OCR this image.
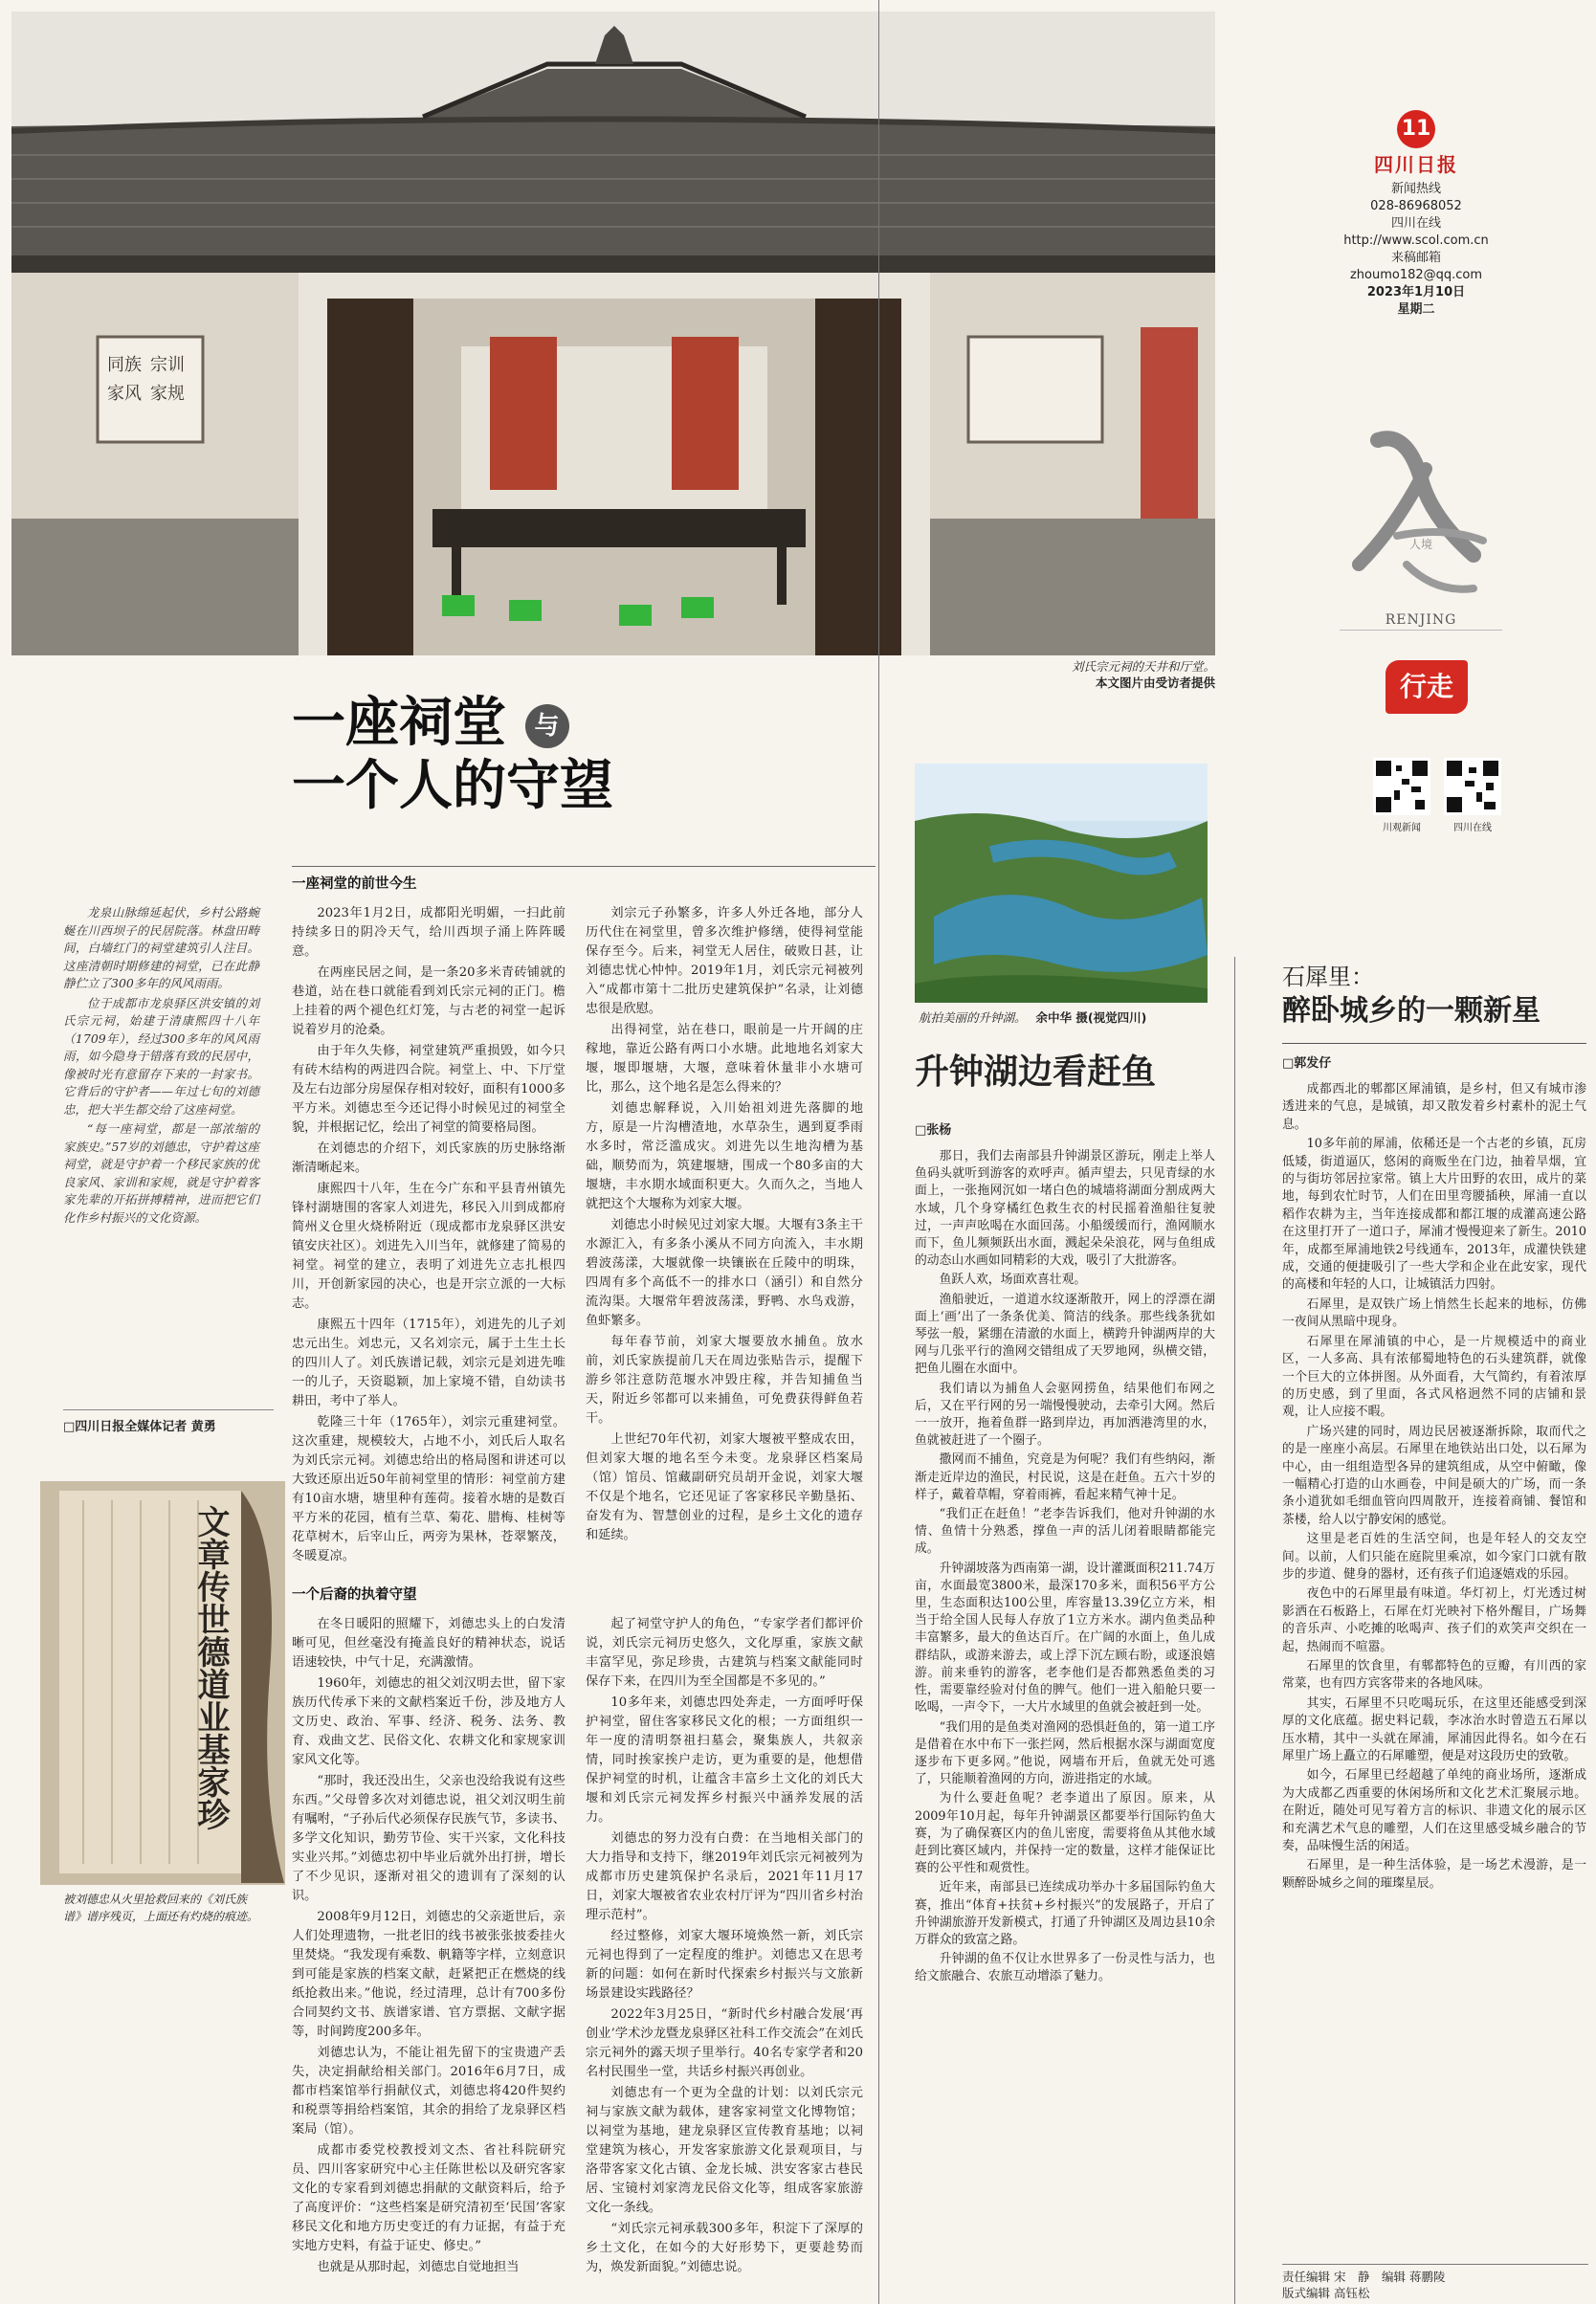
同族 宗训
家风 家规
刘氏宗元祠的天井和厅堂。
本文图片由受访者提供
11
四川日报
新闻热线
028-86968052
四川在线
http://www.scol.com.cn
来稿邮箱
zhoumo182@qq.com
2023年1月10日
星期二
人境
RENJING
行走
川观新闻	四川在线
一座祠堂 与
一个人的守望

龙泉山脉绵延起伏，乡村公路蜿蜒在川西坝子的民居院落。林盘田畴间，白墙红门的祠堂建筑引人注目。这座清朝时期修建的祠堂，已在此静静伫立了300多年的风风雨雨。

位于成都市龙泉驿区洪安镇的刘氏宗元祠，始建于清康熙四十八年（1709年），经过300多年的风风雨雨，如今隐身于错落有致的民居中，像被时光有意留存下来的一封家书。它背后的守护者——年过七旬的刘德忠，把大半生都交给了这座祠堂。

“每一座祠堂，都是一部浓缩的家族史。”57岁的刘德忠，守护着这座祠堂，就是守护着一个移民家族的优良家风、家训和家规，就是守护着客家先辈的开拓拼搏精神，进而把它们化作乡村振兴的文化资源。

□四川日报全媒体记者 黄勇
文章传世德道业基家珍
被刘德忠从火里抢救回来的《刘氏族谱》谱序残页，上面还有灼烧的痕迹。
一座祠堂的前世今生

2023年1月2日，成都阳光明媚，一扫此前持续多日的阴冷天气，给川西坝子涌上阵阵暖意。

在两座民居之间，是一条20多米青砖铺就的巷道，站在巷口就能看到刘氏宗元祠的正门。檐上挂着的两个褪色红灯笼，与古老的祠堂一起诉说着岁月的沧桑。

由于年久失修，祠堂建筑严重损毁，如今只有砖木结构的两进四合院。祠堂上、中、下厅堂及左右边部分房屋保存相对较好，面积有1000多平方米。刘德忠至今还记得小时候见过的祠堂全貌，并根据记忆，绘出了祠堂的简要格局图。

在刘德忠的介绍下，刘氏家族的历史脉络渐渐清晰起来。

康熙四十八年，生在今广东和平县青州镇先锋村湖塘围的客家人刘进先，移民入川到成都府简州义仓里火烧桥附近（现成都市龙泉驿区洪安镇安庆社区）。刘进先入川当年，就修建了简易的祠堂。祠堂的建立，表明了刘进先立志扎根四川，开创新家园的决心，也是开宗立派的一大标志。

康熙五十四年（1715年），刘进先的儿子刘忠元出生。刘忠元，又名刘宗元，属于土生土长的四川人了。刘氏族谱记载，刘宗元是刘进先唯一的儿子，天资聪颖，加上家境不错，自幼读书耕田，考中了举人。

乾隆三十年（1765年），刘宗元重建祠堂。这次重建，规模较大，占地不小，刘氏后人取名为刘氏宗元祠。刘德忠给出的格局图和讲述可以大致还原出近50年前祠堂里的情形：祠堂前方建有10亩水塘，塘里种有莲荷。接着水塘的是数百平方米的花园，植有兰草、菊花、腊梅、桂树等花草树木，后宰山丘，两旁为果林，苍翠繁茂，冬暖夏凉。

刘宗元子孙繁多，许多人外迁各地，部分人历代住在祠堂里，曾多次维护修缮，使得祠堂能保存至今。后来，祠堂无人居住，破败日甚，让刘德忠忧心忡忡。2019年1月，刘氏宗元祠被列入“成都市第十二批历史建筑保护”名录，让刘德忠很是欣慰。

出得祠堂，站在巷口，眼前是一片开阔的庄稼地，靠近公路有两口小水塘。此地地名刘家大堰，堰即堰塘，大堰，意味着休量非小水塘可比，那么，这个地名是怎么得来的？

刘德忠解释说，入川始祖刘进先落脚的地方，原是一片沟槽渣地，水草杂生，遇到夏季雨水多时，常泛滥成灾。刘进先以生地沟槽为基础，顺势而为，筑建堰塘，围成一个80多亩的大堰塘，丰水期水域面积更大。久而久之，当地人就把这个大堰称为刘家大堰。

刘德忠小时候见过刘家大堰。大堰有3条主干水源汇入，有多条小溪从不同方向流入，丰水期碧波荡漾，大堰就像一块镶嵌在丘陵中的明珠，四周有多个高低不一的排水口（涵引）和自然分流沟渠。大堰常年碧波荡漾，野鸭、水鸟戏游，鱼虾繁多。

每年春节前，刘家大堰要放水捕鱼。放水前，刘氏家族提前几天在周边张贴告示，提醒下游乡邻注意防范堰水冲毁庄稼，并告知捕鱼当天，附近乡邻都可以来捕鱼，可免费获得鲜鱼若干。

上世纪70年代初，刘家大堰被平整成农田，但刘家大堰的地名至今未变。龙泉驿区档案局（馆）馆员、馆藏副研究员胡开金说，刘家大堰不仅是个地名，它还见证了客家移民辛勤垦拓、奋发有为、智慧创业的过程，是乡土文化的遗存和延续。

一个后裔的执着守望

在冬日暖阳的照耀下，刘德忠头上的白发清晰可见，但丝毫没有掩盖良好的精神状态，说话语速较快，中气十足，充满激情。

1960年，刘德忠的祖父刘汉明去世，留下家族历代传承下来的文献档案近千份，涉及地方人文历史、政治、军事、经济、税务、法务、教育、戏曲文艺、民俗文化、农耕文化和家规家训家风文化等。

“那时，我还没出生，父亲也没给我说有这些东西。”父母曾多次对刘德忠说，祖父刘汉明生前有嘱咐，“子孙后代必须保存民族气节，多读书、多学文化知识，勤劳节俭、实干兴家，文化科技实业兴邦。”刘德忠初中毕业后就外出打拼，增长了不少见识，逐渐对祖父的遗训有了深刻的认识。

2008年9月12日，刘德忠的父亲逝世后，亲人们处理遗物，一批老旧的线书被张张披委挂火里焚烧。“我发现有乘数、軓籍等字样，立刻意识到可能是家族的档案文献，赶紧把正在燃烧的线纸抢救出来。”他说，经过清理，总计有700多份合同契约文书、族谱家谱、官方票据、文献字据等，时间跨度200多年。

刘德忠认为，不能让祖先留下的宝贵遗产丢失，决定捐献给相关部门。2016年6月7日，成都市档案馆举行捐献仪式，刘德忠将420件契约和税票等捐给档案馆，其余的捐给了龙泉驿区档案局（馆）。

成都市委党校教授刘文杰、省社科院研究员、四川客家研究中心主任陈世松以及研究客家文化的专家看到刘德忠捐献的文献资料后，给予了高度评价：“这些档案是研究清初至‘民国’客家移民文化和地方历史变迁的有力证据，有益于充实地方史料，有益于证史、修史。”

也就是从那时起，刘德忠自觉地担当

起了祠堂守护人的角色，“专家学者们都评价说，刘氏宗元祠历史悠久，文化厚重，家族文献丰富罕见，弥足珍贵，古建筑与档案文献能同时保存下来，在四川为至全国都是不多见的。”

10多年来，刘德忠四处奔走，一方面呼吁保护祠堂，留住客家移民文化的根；一方面组织一年一度的清明祭祖扫墓会，聚集族人，共叙亲情，同时挨家挨户走访，更为重要的是，他想借保护祠堂的时机，让蕴含丰富乡土文化的刘氏大堰和刘氏宗元祠发挥乡村振兴中涵养发展的活力。

刘德忠的努力没有白费：在当地相关部门的大力指导和支持下，继2019年刘氏宗元祠被列为成都市历史建筑保护名录后，2021年11月17日，刘家大堰被省农业农村厅评为“四川省乡村治理示范村”。

经过整修，刘家大堰环境焕然一新，刘氏宗元祠也得到了一定程度的维护。刘德忠又在思考新的问题：如何在新时代探索乡村振兴与文旅新场景建设实践路径？

2022年3月25日，“新时代乡村融合发展‘再创业’学术沙龙暨龙泉驿区社科工作交流会”在刘氏宗元祠外的露天坝子里举行。40名专家学者和20名村民围坐一堂，共话乡村振兴再创业。

刘德忠有一个更为全盘的计划：以刘氏宗元祠与家族文献为载体，建客家祠堂文化博物馆；以祠堂为基地，建龙泉驿区宣传教育基地；以祠堂建筑为核心，开发客家旅游文化景观项目，与洛带客家文化古镇、金龙长城、洪安客家古巷民居、宝镜村刘家湾龙民俗文化等，组成客家旅游文化一条线。

“刘氏宗元祠承载300多年，积淀下了深厚的乡土文化，在如今的大好形势下，更要趁势而为，焕发新面貌。”刘德忠说。

航拍美丽的升钟湖。 余中华 摄(视觉四川)
升钟湖边看赶鱼
□张杨

那日，我们去南部县升钟湖景区游玩，刚走上举人鱼码头就听到游客的欢呼声。循声望去，只见青绿的水面上，一张拖网沉如一堵白色的城墙将湖面分割成两大水域，几个身穿橘红色救生衣的村民摇着渔船往复驶过，一声声吆喝在水面回荡。小船缓缓而行，渔网顺水而下，鱼儿频频跃出水面，溅起朵朵浪花，网与鱼组成的动态山水画如同精彩的大戏，吸引了大批游客。

鱼跃人欢，场面欢喜壮观。

渔船驶近，一道道水纹逐渐散开，网上的浮漂在湖面上‘画’出了一条条优美、简洁的线条。那些线条犹如琴弦一般，紧绷在清澈的水面上，横跨升钟湖两岸的大网与几张平行的渔网交错组成了天罗地网，纵横交错，把鱼儿圈在水面中。

我们请以为捕鱼人会驱网捞鱼，结果他们布网之后，又在平行网的另一端慢慢驶动，去牵引大网。然后一一放开，拖着鱼群一路到岸边，再加洒港湾里的水，鱼就被赶进了一个圈子。

撒网而不捕鱼，究竟是为何呢？我们有些纳闷，渐渐走近岸边的渔民，村民说，这是在赶鱼。五六十岁的样子，戴着草帽，穿着雨裤，看起来精气神十足。

“我们正在赶鱼！”老李告诉我们，他对升钟湖的水情、鱼情十分熟悉，撑鱼一声的活儿闭着眼睛都能完成。

升钟湖坡落为西南第一湖，设计灌溉面积211.74万亩，水面最宽3800米，最深170多米，面积56平方公里，生态面积达100公里，库容量13.39亿立方米，相当于给全国人民每人存放了1立方米水。湖内鱼类品种丰富繁多，最大的鱼达百斤。在广阔的水面上，鱼儿成群结队，或游来游去，或上浮下沉左顾右盼，或逐浪嬉游。前来垂钓的游客，老李他们是否都熟悉鱼类的习性，需要靠经验对付鱼的脾气。他们一进入船舱只要一吆喝，一声令下，一大片水域里的鱼就会被赶到一处。

“我们用的是鱼类对渔网的恐惧赶鱼的，第一道工序是借着在水中布下一张拦网，然后根据水深与湖面宽度逐步布下更多网。”他说，网墙布开后，鱼就无处可逃了，只能顺着渔网的方向，游进指定的水域。

为什么要赶鱼呢？老李道出了原因。原来，从2009年10月起，每年升钟湖景区都要举行国际钓鱼大赛，为了确保赛区内的鱼儿密度，需要将鱼从其他水域赶到比赛区域内，并保持一定的数量，这样才能保证比赛的公平性和观赏性。

近年来，南部县已连续成功举办十多届国际钓鱼大赛，推出“体育+扶贫+乡村振兴”的发展路子，开启了升钟湖旅游开发新模式，打通了升钟湖区及周边县10余万群众的致富之路。

升钟湖的鱼不仅让水世界多了一份灵性与活力，也给文旅融合、农旅互动增添了魅力。

石犀里：
醉卧城乡的一颗新星
□郭发仔

成都西北的郫都区犀浦镇，是乡村，但又有城市渗透进来的气息，是城镇，却又散发着乡村素朴的泥土气息。

10多年前的犀浦，依稀还是一个古老的乡镇，瓦房低矮，街道逼仄，悠闲的商贩坐在门边，抽着旱烟，宜的与街坊邻居拉家常。镇上大片田野的农田，成片的菜地，每到农忙时节，人们在田里弯腰插秧，犀浦一直以稻作农耕为主，当年连接成都和都江堰的成灌高速公路在这里打开了一道口子，犀浦才慢慢迎来了新生。2010年，成都至犀浦地铁2号线通车，2013年，成灌快铁建成，交通的便捷吸引了一些大学和企业在此安家，现代的高楼和年轻的人口，让城镇活力四射。

石犀里，是双铁广场上悄然生长起来的地标，仿佛一夜间从黑暗中现身。

石犀里在犀浦镇的中心，是一片规模适中的商业区，一人多高、具有浓郁蜀地特色的石头建筑群，就像一个巨大的立体拼图。从外面看，大气简约，有着浓厚的历史感，到了里面，各式风格迥然不同的店铺和景观，让人应接不暇。

广场兴建的同时，周边民居被逐渐拆除，取而代之的是一座座小高层。石犀里在地铁站出口处，以石犀为中心，由一组组造型各异的建筑组成，从空中俯瞰，像一幅精心打造的山水画卷，中间是硕大的广场，而一条条小道犹如毛细血管向四周散开，连接着商铺、餐馆和茶楼，给人以宁静安闲的感觉。

这里是老百姓的生活空间，也是年轻人的交友空间。以前，人们只能在庭院里乘凉，如今家门口就有散步的步道、健身的器材，还有孩子们追逐嬉戏的乐园。

夜色中的石犀里最有味道。华灯初上，灯光透过树影洒在石板路上，石犀在灯光映衬下格外醒目，广场舞的音乐声、小吃摊的吆喝声、孩子们的欢笑声交织在一起，热闹而不喧嚣。

石犀里的饮食里，有郫都特色的豆瓣，有川西的家常菜，也有四方宾客带来的各地风味。

其实，石犀里不只吃喝玩乐，在这里还能感受到深厚的文化底蕴。据史料记载，李冰治水时曾造五石犀以压水精，其中一头就在犀浦，犀浦因此得名。如今在石犀里广场上矗立的石犀雕塑，便是对这段历史的致敬。

如今，石犀里已经超越了单纯的商业场所，逐渐成为大成都乙西重要的休闲场所和文化艺术汇聚展示地。在附近，随处可见写着方言的标识、非遗文化的展示区和充满艺术气息的雕塑，人们在这里感受城乡融合的节奏，品味慢生活的闲适。

石犀里，是一种生活体验，是一场艺术漫游，是一颗醉卧城乡之间的璀璨星辰。

责任编辑 宋　静　编辑 蒋鹏陵
版式编辑 高钰松
